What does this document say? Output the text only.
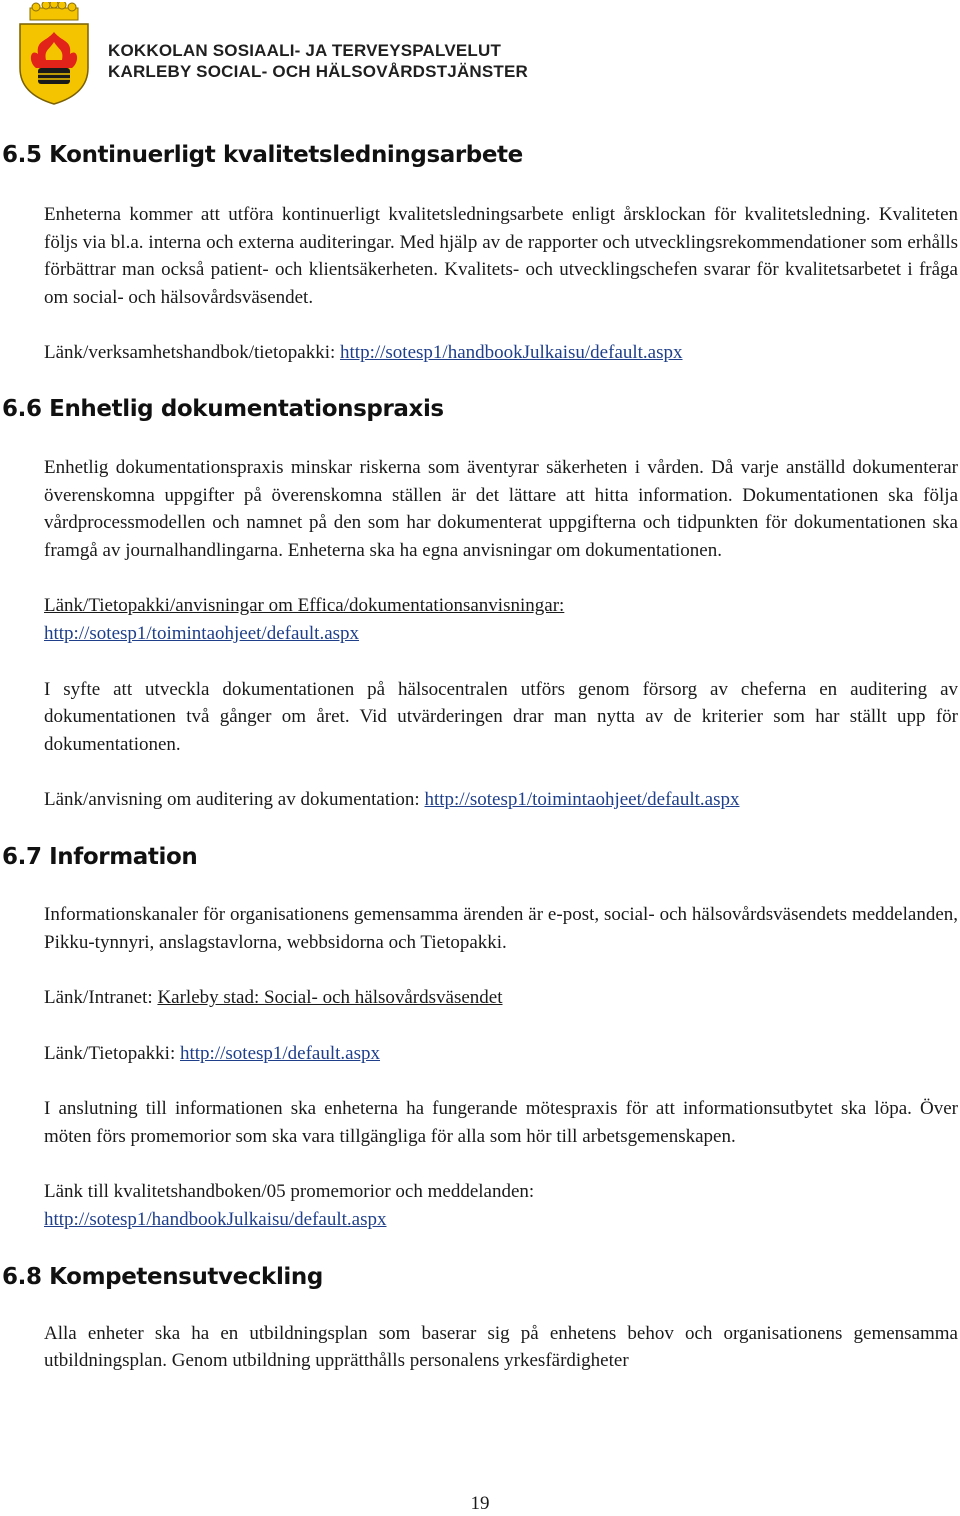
KOKKOLAN SOSIAALI- JA TERVEYSPALVELUT
KARLEBY SOCIAL- OCH HÄLSOVÅRDSTJÄNSTER
6.5 Kontinuerligt kvalitetsledningsarbete

Enheterna kommer att utföra kontinuerligt kvalitetsledningsarbete enligt årsklockan för kvalitetsledning. Kvaliteten följs via bl.a. interna och externa auditeringar. Med hjälp av de rapporter och utvecklingsrekommendationer som erhålls förbättrar man också patient- och klientsäkerheten. Kvalitets- och utvecklingschefen svarar för kvalitetsarbetet i fråga om social- och hälsovårdsväsendet.

Länk/verksamhetshandbok/tietopakki: http://sotesp1/handbookJulkaisu/default.aspx

6.6 Enhetlig dokumentationspraxis

Enhetlig dokumentationspraxis minskar riskerna som äventyrar säkerheten i vården. Då varje anställd dokumenterar överenskomna uppgifter på överenskomna ställen är det lättare att hitta information. Dokumentationen ska följa vårdprocessmodellen och namnet på den som har dokumenterat uppgifterna och tidpunkten för dokumentationen ska framgå av journalhandlingarna. Enheterna ska ha egna anvisningar om dokumentationen.

Länk/Tietopakki/anvisningar om Effica/dokumentationsanvisningar:

http://sotesp1/toimintaohjeet/default.aspx

I syfte att utveckla dokumentationen på hälsocentralen utförs genom försorg av cheferna en auditering av dokumentationen två gånger om året. Vid utvärderingen drar man nytta av de kriterier som har ställt upp för dokumentationen.

Länk/anvisning om auditering av dokumentation: http://sotesp1/toimintaohjeet/default.aspx

6.7 Information

Informationskanaler för organisationens gemensamma ärenden är e-post, social- och hälsovårdsväsendets meddelanden, Pikku-tynnyri, anslagstavlorna, webbsidorna och Tietopakki.

Länk/Intranet: Karleby stad: Social- och hälsovårdsväsendet

Länk/Tietopakki: http://sotesp1/default.aspx

I anslutning till informationen ska enheterna ha fungerande mötespraxis för att informationsutbytet ska löpa. Över möten förs promemorior som ska vara tillgängliga för alla som hör till arbetsgemenskapen.

Länk till kvalitetshandboken/05 promemorior och meddelanden:

http://sotesp1/handbookJulkaisu/default.aspx

6.8 Kompetensutveckling

Alla enheter ska ha en utbildningsplan som baserar sig på enhetens behov och organisationens gemensamma utbildningsplan. Genom utbildning upprätthålls personalens yrkesfärdigheter

19
